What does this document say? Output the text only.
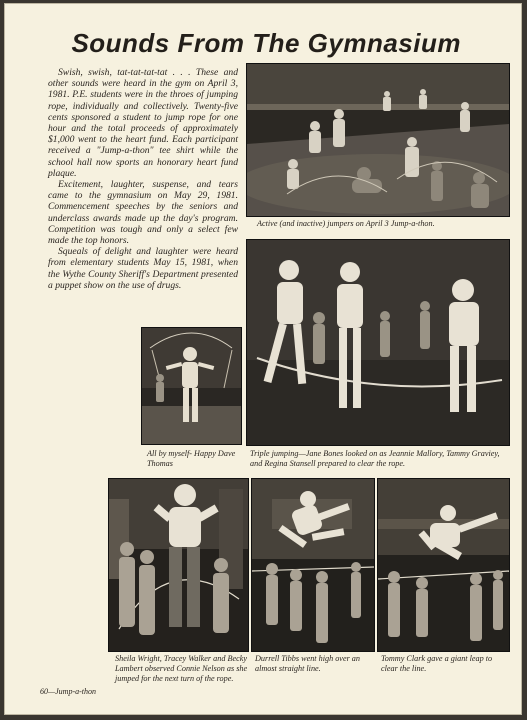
Sounds From The Gymnasium

Swish, swish, tat-tat-tat-tat . . . These and other sounds were heard in the gym on April 3, 1981. P.E. students were in the throes of jumping rope, individually and collectively. Twenty-five cents sponsored a student to jump rope for one hour and the total proceeds of approximately $1,000 went to the heart fund. Each participant received a "Jump-a-thon" tee shirt while the school hall now sports an honorary heart fund plaque.

Excitement, laughter, suspense, and tears came to the gymnasium on May 29, 1981. Commencement speeches by the seniors and underclass awards made up the day's program. Competition was tough and only a select few made the top honors.

Squeals of delight and laughter were heard from elementary students May 15, 1981, when the Wythe County Sheriff's Department presented a puppet show on the use of drugs.

Active (and inactive) jumpers on April 3 Jump-a-thon.
Triple jumping—Jane Bones looked on as Jeannie Mallory, Tammy Graviey, and Regina Stansell prepared to clear the rope.
All by myself- Happy Dave Thomas
Sheila Wright, Tracey Walker and Becky Lambert observed Connie Nelson as she jumped for the next turn of the rope.
Durrell Tibbs went high over an almost straight line.
Tommy Clark gave a giant leap to clear the line.
60—Jump-a-thon
